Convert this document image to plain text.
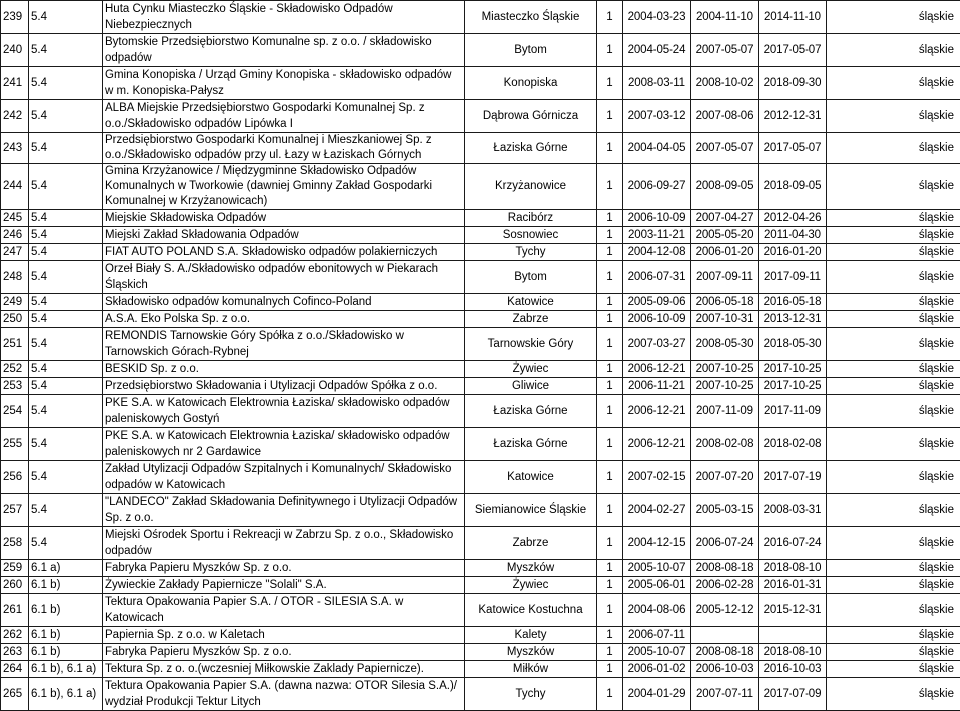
239	5.4	Huta Cynku Miasteczko Śląskie - Składowisko Odpadów Niebezpiecznych	Miasteczko Śląskie	1	2004-03-23	2004-11-10	2014-11-10	śląskie
240	5.4	Bytomskie Przedsiębiorstwo Komunalne sp. z o.o. / składowisko odpadów	Bytom	1	2004-05-24	2007-05-07	2017-05-07	śląskie
241	5.4	Gmina Konopiska / Urząd Gminy Konopiska - składowisko odpadów w m. Konopiska-Pałysz	Konopiska	1	2008-03-11	2008-10-02	2018-09-30	śląskie
242	5.4	ALBA Miejskie Przedsiębiorstwo Gospodarki Komunalnej Sp. z o.o./Składowisko odpadów Lipówka I	Dąbrowa Górnicza	1	2007-03-12	2007-08-06	2012-12-31	śląskie
243	5.4	Przedsiębiorstwo Gospodarki Komunalnej i Mieszkaniowej Sp. z o.o./Składowisko odpadów przy ul. Łazy w Łaziskach Górnych	Łaziska Górne	1	2004-04-05	2007-05-07	2017-05-07	śląskie
244	5.4	Gmina Krzyżanowice / Międzygminne Składowisko Odpadów Komunalnych w Tworkowie (dawniej Gminny Zakład Gospodarki Komunalnej w Krzyżanowicach)	Krzyżanowice	1	2006-09-27	2008-09-05	2018-09-05	śląskie
245	5.4	Miejskie Składowiska Odpadów	Racibórz	1	2006-10-09	2007-04-27	2012-04-26	śląskie
246	5.4	Miejski Zakład Składowania Odpadów	Sosnowiec	1	2003-11-21	2005-05-20	2011-04-30	śląskie
247	5.4	FIAT AUTO POLAND S.A. Składowisko odpadów polakierniczych	Tychy	1	2004-12-08	2006-01-20	2016-01-20	śląskie
248	5.4	Orzeł Biały S. A./Składowisko odpadów ebonitowych w Piekarach Śląskich	Bytom	1	2006-07-31	2007-09-11	2017-09-11	śląskie
249	5.4	Składowisko odpadów komunalnych Cofinco-Poland	Katowice	1	2005-09-06	2006-05-18	2016-05-18	śląskie
250	5.4	A.S.A. Eko Polska Sp. z o.o.	Zabrze	1	2006-10-09	2007-10-31	2013-12-31	śląskie
251	5.4	REMONDIS Tarnowskie Góry Spółka z o.o./Składowisko w Tarnowskich Górach-Rybnej	Tarnowskie Góry	1	2007-03-27	2008-05-30	2018-05-30	śląskie
252	5.4	BESKID Sp. z o.o.	Żywiec	1	2006-12-21	2007-10-25	2017-10-25	śląskie
253	5.4	Przedsiębiorstwo Składowania i Utylizacji Odpadów Spółka z o.o.	Gliwice	1	2006-11-21	2007-10-25	2017-10-25	śląskie
254	5.4	PKE S.A. w Katowicach Elektrownia Łaziska/ składowisko odpadów paleniskowych Gostyń	Łaziska Górne	1	2006-12-21	2007-11-09	2017-11-09	śląskie
255	5.4	PKE S.A. w Katowicach Elektrownia Łaziska/ składowisko odpadów paleniskowych nr 2 Gardawice	Łaziska Górne	1	2006-12-21	2008-02-08	2018-02-08	śląskie
256	5.4	Zakład Utylizacji Odpadów Szpitalnych i Komunalnych/ Składowisko odpadów w Katowicach	Katowice	1	2007-02-15	2007-07-20	2017-07-19	śląskie
257	5.4	"LANDECO" Zakład Składowania Definitywnego i Utylizacji Odpadów Sp. z o.o.	Siemianowice Śląskie	1	2004-02-27	2005-03-15	2008-03-31	śląskie
258	5.4	Miejski Ośrodek Sportu i Rekreacji w Zabrzu Sp. z o.o., Składowisko odpadów	Zabrze	1	2004-12-15	2006-07-24	2016-07-24	śląskie
259	6.1 a)	Fabryka Papieru Myszków Sp. z o.o.	Myszków	1	2005-10-07	2008-08-18	2018-08-10	śląskie
260	6.1 b)	Żywieckie Zakłady Papiernicze "Solali" S.A.	Żywiec	1	2005-06-01	2006-02-28	2016-01-31	śląskie
261	6.1 b)	Tektura Opakowania Papier S.A. / OTOR - SILESIA S.A. w Katowicach	Katowice Kostuchna	1	2004-08-06	2005-12-12	2015-12-31	śląskie
262	6.1 b)	Papiernia Sp. z o.o. w Kaletach	Kalety	1	2006-07-11			śląskie
263	6.1 b)	Fabryka Papieru Myszków Sp. z o.o.	Myszków	1	2005-10-07	2008-08-18	2018-08-10	śląskie
264	6.1 b), 6.1 a)	Tektura Sp. z o. o.(wczesniej Miłkowskie Zaklady Papiernicze).	Miłków	1	2006-01-02	2006-10-03	2016-10-03	śląskie
265	6.1 b), 6.1 a)	Tektura Opakowania Papier S.A. (dawna nazwa: OTOR Silesia S.A.)/ wydział Produkcji Tektur Litych	Tychy	1	2004-01-29	2007-07-11	2017-07-09	śląskie
